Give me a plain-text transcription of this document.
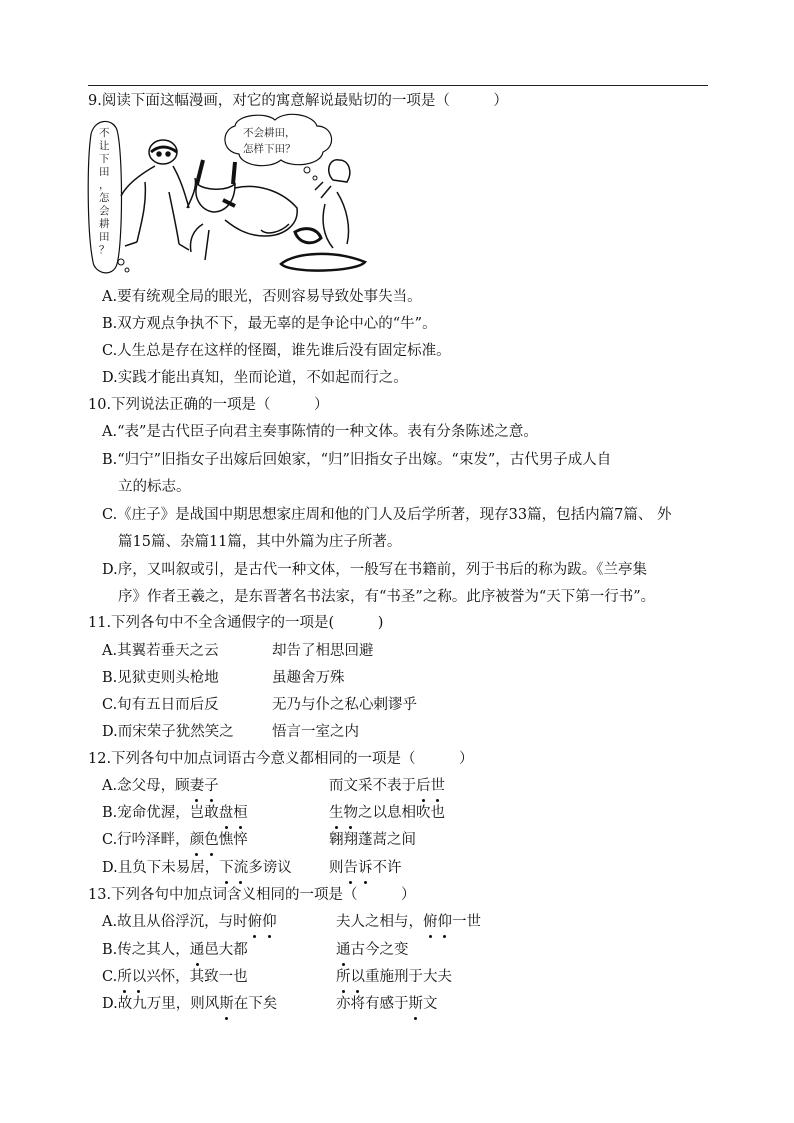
9.阅读下面这幅漫画，对它的寓意解说最贴切的一项是（　　　）
不会耕田，
怎样下田？
不
让
下
田
，
怎
会
耕
田
？
A.要有统观全局的眼光，否则容易导致处事失当。
B.双方观点争执不下，最无辜的是争论中心的“牛”。
C.人生总是存在这样的怪圈，谁先谁后没有固定标准。
D.实践才能出真知，坐而论道，不如起而行之。
10.下列说法正确的一项是（　　　）
A.“表”是古代臣子向君主奏事陈情的一种文体。表有分条陈述之意。
B.“归宁”旧指女子出嫁后回娘家，“归”旧指女子出嫁。“束发”，古代男子成人自
立的标志。
C.《庄子》是战国中期思想家庄周和他的门人及后学所著，现存33篇，包括内篇7篇、 外
篇15篇、杂篇11篇，其中外篇为庄子所著。
D.序，又叫叙或引，是古代一种文体，一般写在书籍前，列于书后的称为跋。《兰亭集
序》作者王羲之，是东晋著名书法家，有“书圣”之称。此序被誉为“天下第一行书”。
11.下列各句中不全含通假字的一项是(　　　)
A.其翼若垂天之云	却告了相思回避
B.见狱吏则头枪地	虽趣舍万殊
C.旬有五日而后反	无乃与仆之私心剌谬乎
D.而宋荣子犹然笑之	悟言一室之内
12.下列各句中加点词语古今意义都相同的一项是（　　　）
A.念父母，顾妻子	而文采不表于后世
B.宠命优渥，岂敢盘桓	生物之以息相吹也
C.行吟泽畔，颜色憔悴	翱翔蓬蒿之间
D.且负下未易居，下流多谤议	则告诉不许
13.下列各句中加点词含义相同的一项是（　　　）
A.故且从俗浮沉，与时俯仰	夫人之相与，俯仰一世
B.传之其人，通邑大都	通古今之变
C.所以兴怀，其致一也	所以重施刑于大夫
D.故九万里，则风斯在下矣	亦将有感于斯文
